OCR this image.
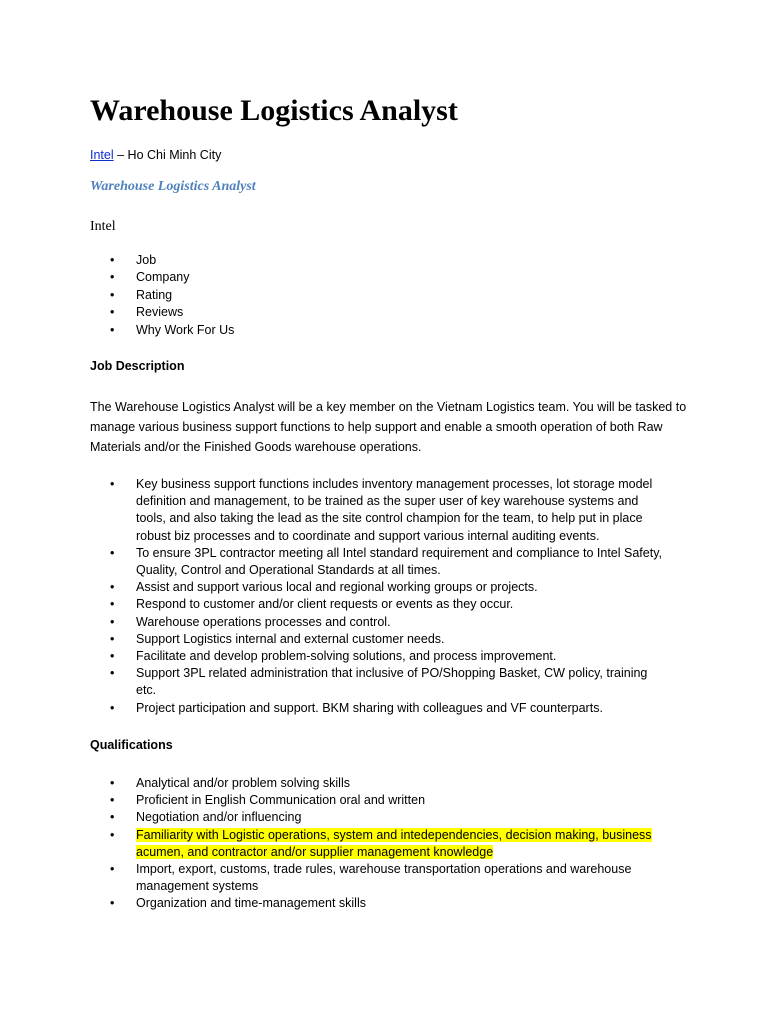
Warehouse Logistics Analyst
Intel – Ho Chi Minh City
Warehouse Logistics Analyst
Intel
• Job
• Company
• Rating
• Reviews
• Why Work For Us
Job Description

The Warehouse Logistics Analyst will be a key member on the Vietnam Logistics team. You will be tasked to manage various business support functions to help support and enable a smooth operation of both Raw Materials and/or the Finished Goods warehouse operations.

• Key business support functions includes inventory management processes, lot storage model definition and management, to be trained as the super user of key warehouse systems and tools, and also taking the lead as the site control champion for the team, to help put in place robust biz processes and to coordinate and support various internal auditing events.
• To ensure 3PL contractor meeting all Intel standard requirement and compliance to Intel Safety, Quality, Control and Operational Standards at all times.
• Assist and support various local and regional working groups or projects.
• Respond to customer and/or client requests or events as they occur.
• Warehouse operations processes and control.
• Support Logistics internal and external customer needs.
• Facilitate and develop problem-solving solutions, and process improvement.
• Support 3PL related administration that inclusive of PO/Shopping Basket, CW policy, training etc.
• Project participation and support. BKM sharing with colleagues and VF counterparts.
Qualifications
• Analytical and/or problem solving skills
• Proficient in English Communication oral and written
• Negotiation and/or influencing
• Familiarity with Logistic operations, system and intedependencies, decision making, business acumen, and contractor and/or supplier management knowledge
• Import, export, customs, trade rules, warehouse transportation operations and warehouse management systems
• Organization and time-management skills
